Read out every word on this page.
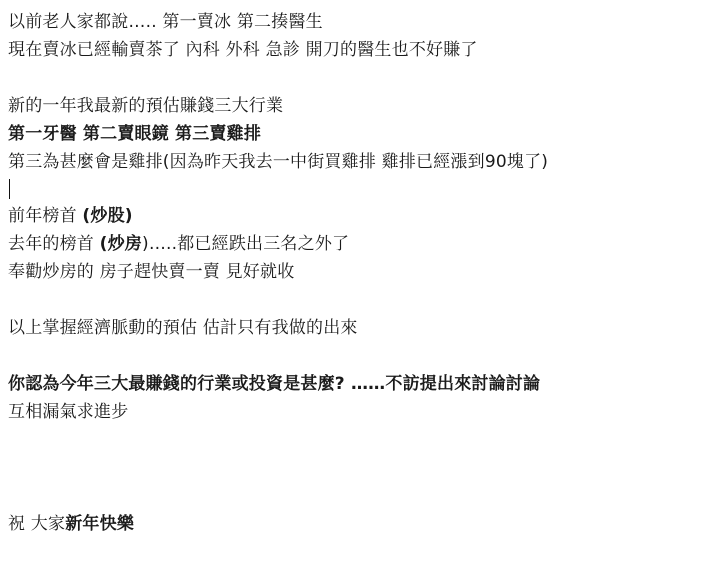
以前老人家都說….. 第一賣冰 第二揍醫生
現在賣冰已經輸賣茶了 內科 外科 急診 開刀的醫生也不好賺了
新的一年我最新的預估賺錢三大行業
第一牙醫 第二賣眼鏡 第三賣雞排
第三為甚麼會是雞排(因為昨天我去一中街買雞排 雞排已經漲到90塊了)
前年榜首 (炒股)
去年的榜首 (炒房)…..都已經跌出三名之外了
奉勸炒房的 房子趕快賣一賣 見好就收
以上掌握經濟脈動的預估 估計只有我做的出來
你認為今年三大最賺錢的行業或投資是甚麼? ……不訪提出來討論討論
互相漏氣求進步
祝 大家新年快樂
